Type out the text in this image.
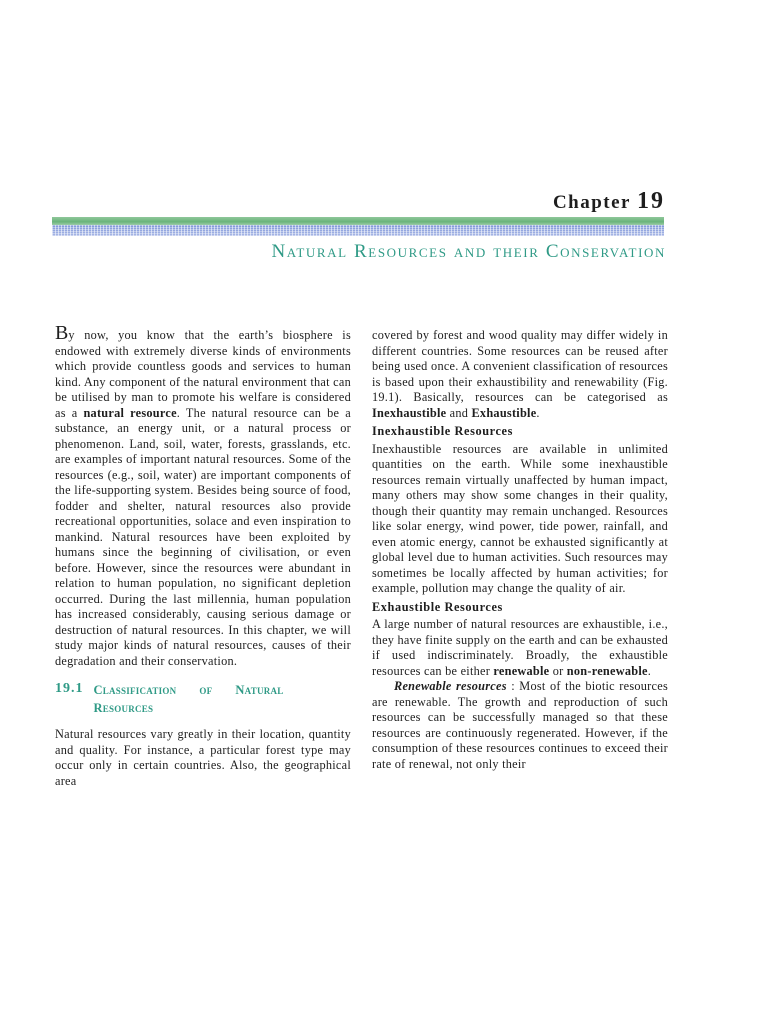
Chapter 19
Natural Resources and their Conservation

By now, you know that the earth’s biosphere is endowed with extremely diverse kinds of environments which provide countless goods and services to human kind. Any component of the natural environment that can be utilised by man to promote his welfare is considered as a natural resource. The natural resource can be a substance, an energy unit, or a natural process or phenomenon. Land, soil, water, forests, grasslands, etc. are examples of important natural resources. Some of the resources (e.g., soil, water) are important components of the life-supporting system. Besides being source of food, fodder and shelter, natural resources also provide recreational opportunities, solace and even inspiration to mankind. Natural resources have been exploited by humans since the beginning of civilisation, or even before. However, since the resources were abundant in relation to human population, no significant depletion occurred. During the last millennia, human population has increased considerably, causing serious damage or destruction of natural resources. In this chapter, we will study major kinds of natural resources, causes of their degradation and their conservation.

19.1 Classification of Natural Resources

Natural resources vary greatly in their location, quantity and quality. For instance, a particular forest type may occur only in certain countries. Also, the geographical area

covered by forest and wood quality may differ widely in different countries. Some resources can be reused after being used once. A convenient classification of resources is based upon their exhaustibility and renewability (Fig. 19.1). Basically, resources can be categorised as Inexhaustible and Exhaustible.

Inexhaustible Resources

Inexhaustible resources are available in unlimited quantities on the earth. While some inexhaustible resources remain virtually unaffected by human impact, many others may show some changes in their quality, though their quantity may remain unchanged. Resources like solar energy, wind power, tide power, rainfall, and even atomic energy, cannot be exhausted significantly at global level due to human activities. Such resources may sometimes be locally affected by human activities; for example, pollution may change the quality of air.

Exhaustible Resources

A large number of natural resources are exhaustible, i.e., they have finite supply on the earth and can be exhausted if used indiscriminately. Broadly, the exhaustible resources can be either renewable or non-renewable.

Renewable resources : Most of the biotic resources are renewable. The growth and reproduction of such resources can be successfully managed so that these resources are continuously regenerated. However, if the consumption of these resources continues to exceed their rate of renewal, not only their
